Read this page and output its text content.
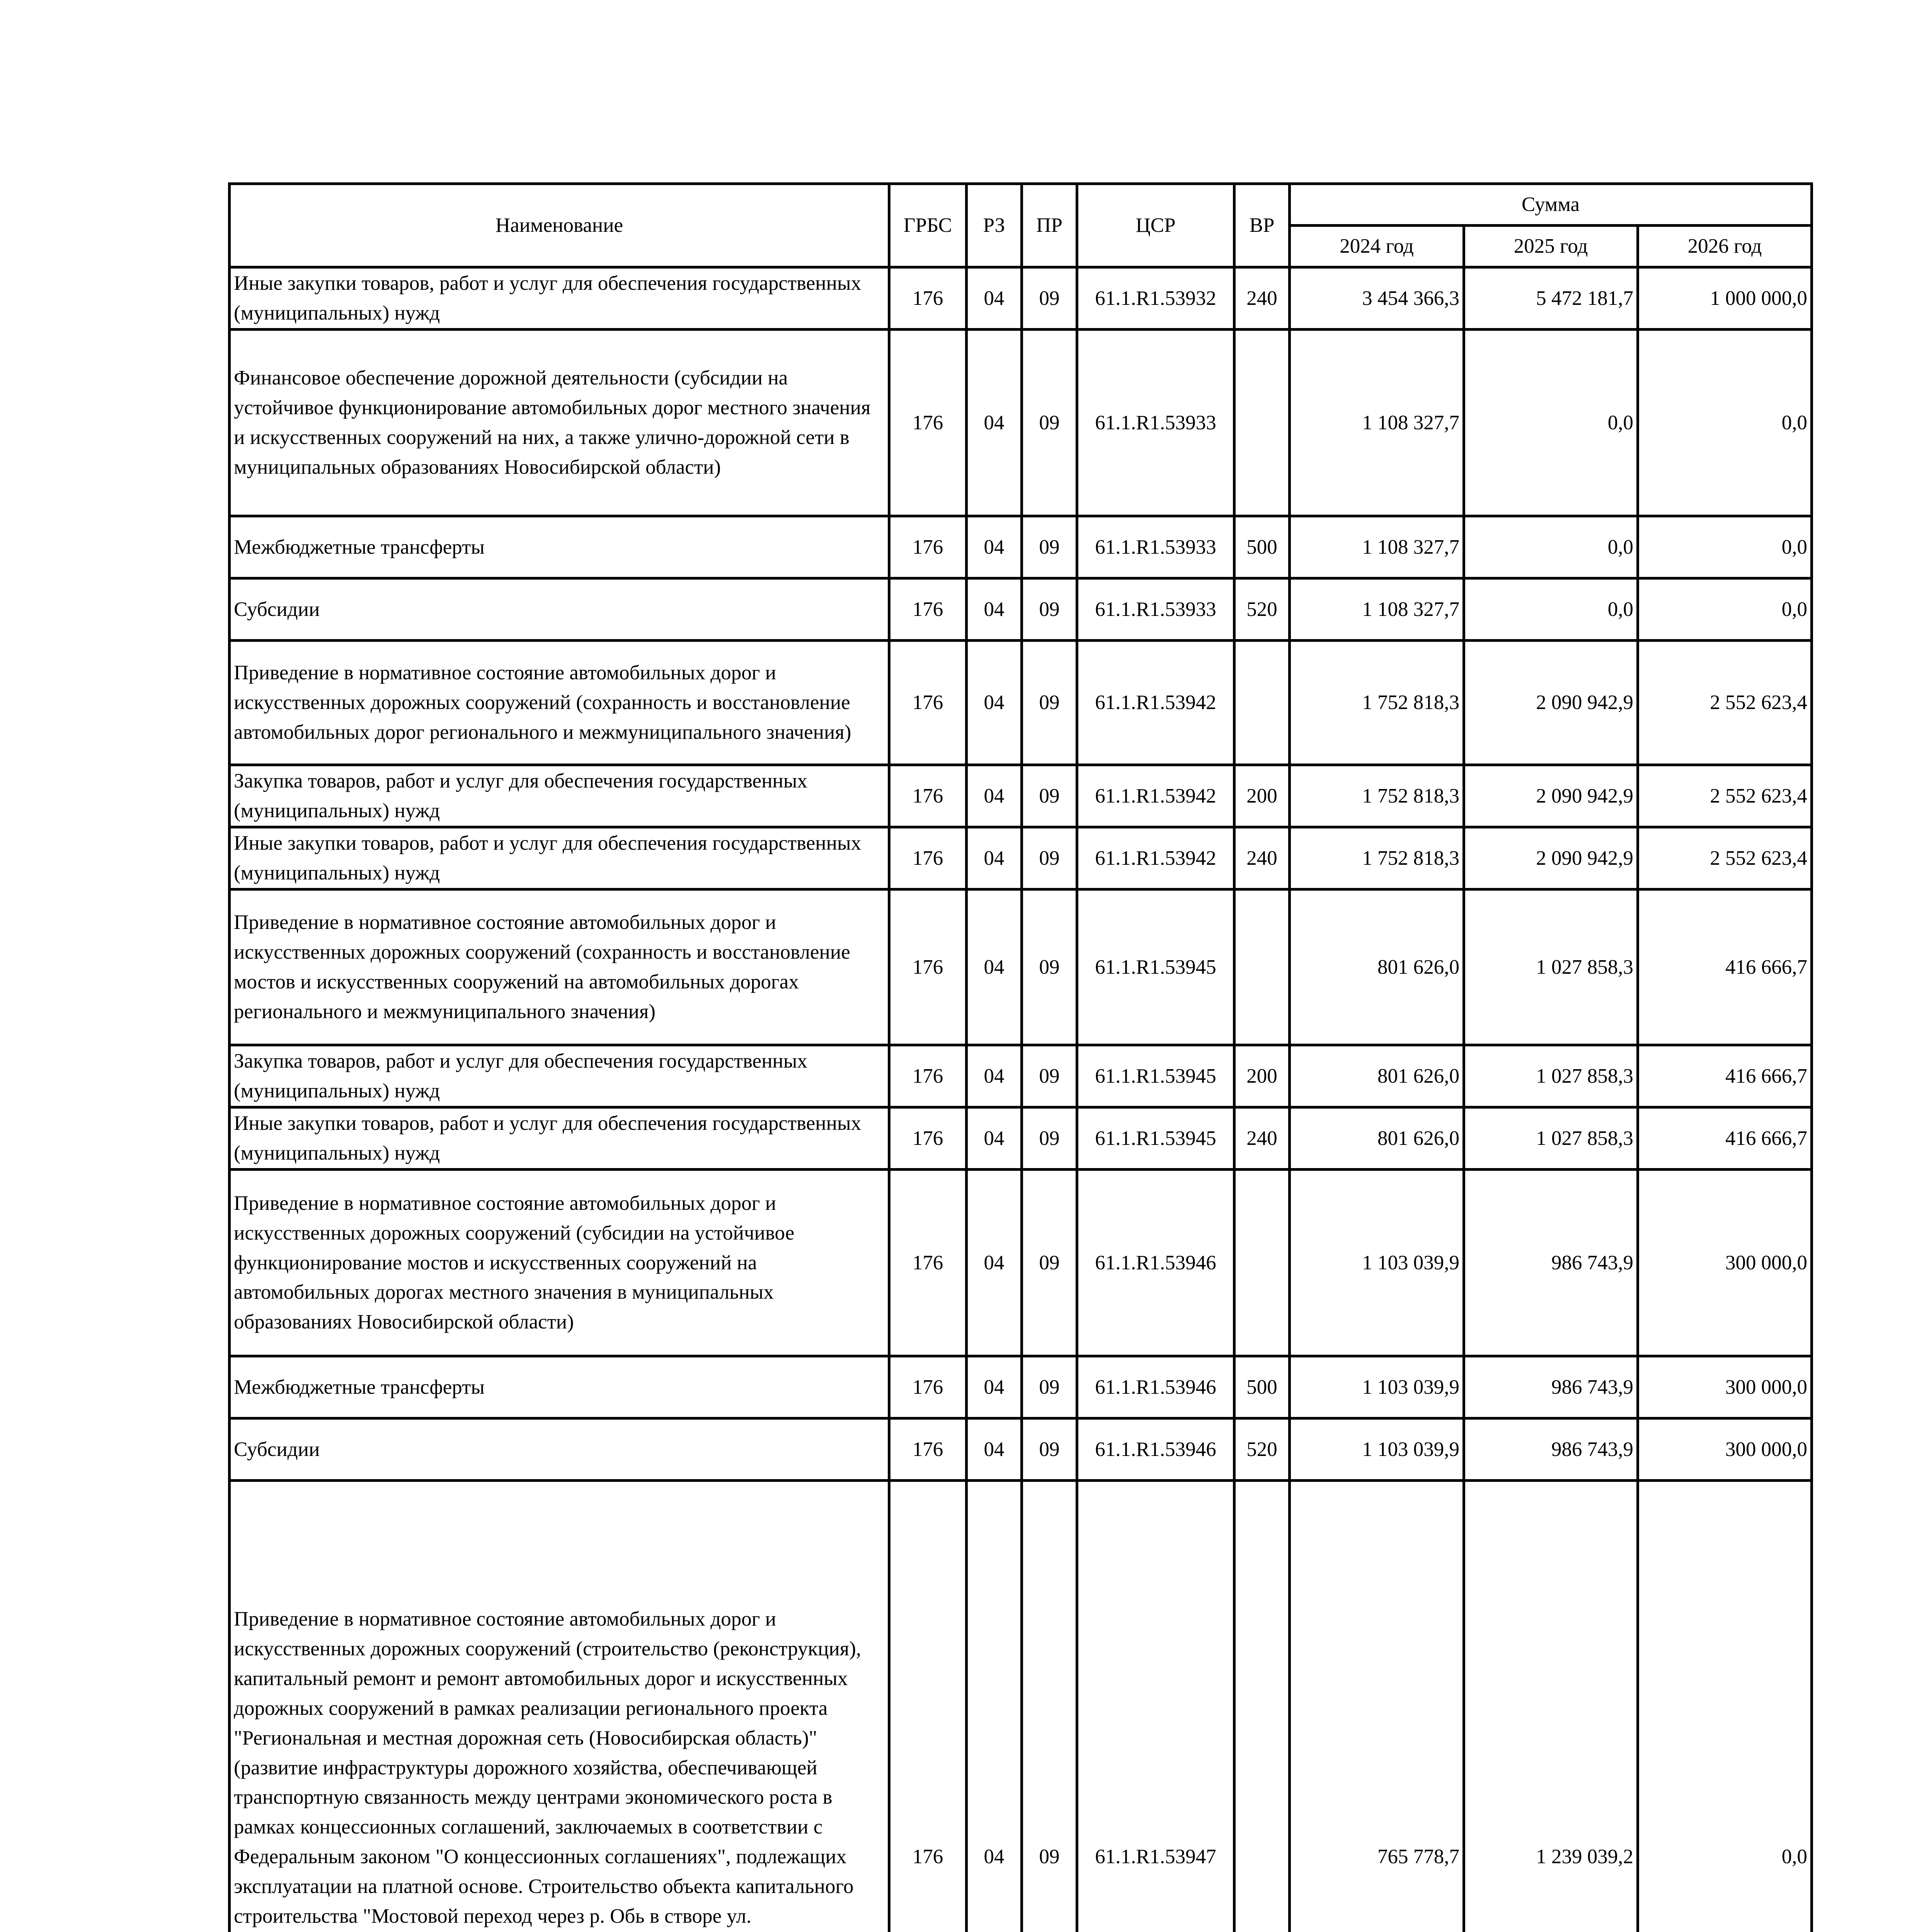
Наименование	ГРБС	РЗ	ПР	ЦСР	ВР	Сумма		
						2024 год	2025 год	2026 год
Иные закупки товаров, работ и услуг для обеспечения государственных (муниципальных) нужд	176	04	09	61.1.R1.53932	240	3 454 366,3	5 472 181,7	1 000 000,0
Финансовое обеспечение дорожной деятельности (субсидии на устойчивое функционирование автомобильных дорог местного значения и искусственных сооружений на них, а также улично-дорожной сети в муниципальных образованиях Новосибирской области)	176	04	09	61.1.R1.53933		1 108 327,7	0,0	0,0
Межбюджетные трансферты	176	04	09	61.1.R1.53933	500	1 108 327,7	0,0	0,0
Субсидии	176	04	09	61.1.R1.53933	520	1 108 327,7	0,0	0,0
Приведение в нормативное состояние автомобильных дорог и искусственных дорожных сооружений (сохранность и восстановление автомобильных дорог регионального и межмуниципального значения)	176	04	09	61.1.R1.53942		1 752 818,3	2 090 942,9	2 552 623,4
Закупка товаров, работ и услуг для обеспечения государственных (муниципальных) нужд	176	04	09	61.1.R1.53942	200	1 752 818,3	2 090 942,9	2 552 623,4
Иные закупки товаров, работ и услуг для обеспечения государственных (муниципальных) нужд	176	04	09	61.1.R1.53942	240	1 752 818,3	2 090 942,9	2 552 623,4
Приведение в нормативное состояние автомобильных дорог и искусственных дорожных сооружений (сохранность и восстановление мостов и искусственных сооружений на автомобильных дорогах регионального и межмуниципального значения)	176	04	09	61.1.R1.53945		801 626,0	1 027 858,3	416 666,7
Закупка товаров, работ и услуг для обеспечения государственных (муниципальных) нужд	176	04	09	61.1.R1.53945	200	801 626,0	1 027 858,3	416 666,7
Иные закупки товаров, работ и услуг для обеспечения государственных (муниципальных) нужд	176	04	09	61.1.R1.53945	240	801 626,0	1 027 858,3	416 666,7
Приведение в нормативное состояние автомобильных дорог и искусственных дорожных сооружений (субсидии на устойчивое функционирование мостов и искусственных сооружений на автомобильных дорогах местного значения в муниципальных образованиях Новосибирской области)	176	04	09	61.1.R1.53946		1 103 039,9	986 743,9	300 000,0
Межбюджетные трансферты	176	04	09	61.1.R1.53946	500	1 103 039,9	986 743,9	300 000,0
Субсидии	176	04	09	61.1.R1.53946	520	1 103 039,9	986 743,9	300 000,0
Приведение в нормативное состояние автомобильных дорог и искусственных дорожных сооружений (строительство (реконструкция), капитальный ремонт и ремонт автомобильных дорог и искусственных дорожных сооружений в рамках реализации регионального проекта "Региональная и местная дорожная сеть (Новосибирская область)" (развитие инфраструктуры дорожного хозяйства, обеспечивающей транспортную связанность между центрами экономического роста в рамках концессионных соглашений, заключаемых в соответствии с Федеральным законом "О концессионных соглашениях", подлежащих эксплуатации на платной основе. Строительство объекта капитального строительства "Мостовой переход через р. Обь в створе ул.	176	04	09	61.1.R1.53947		765 778,7	1 239 039,2	0,0
